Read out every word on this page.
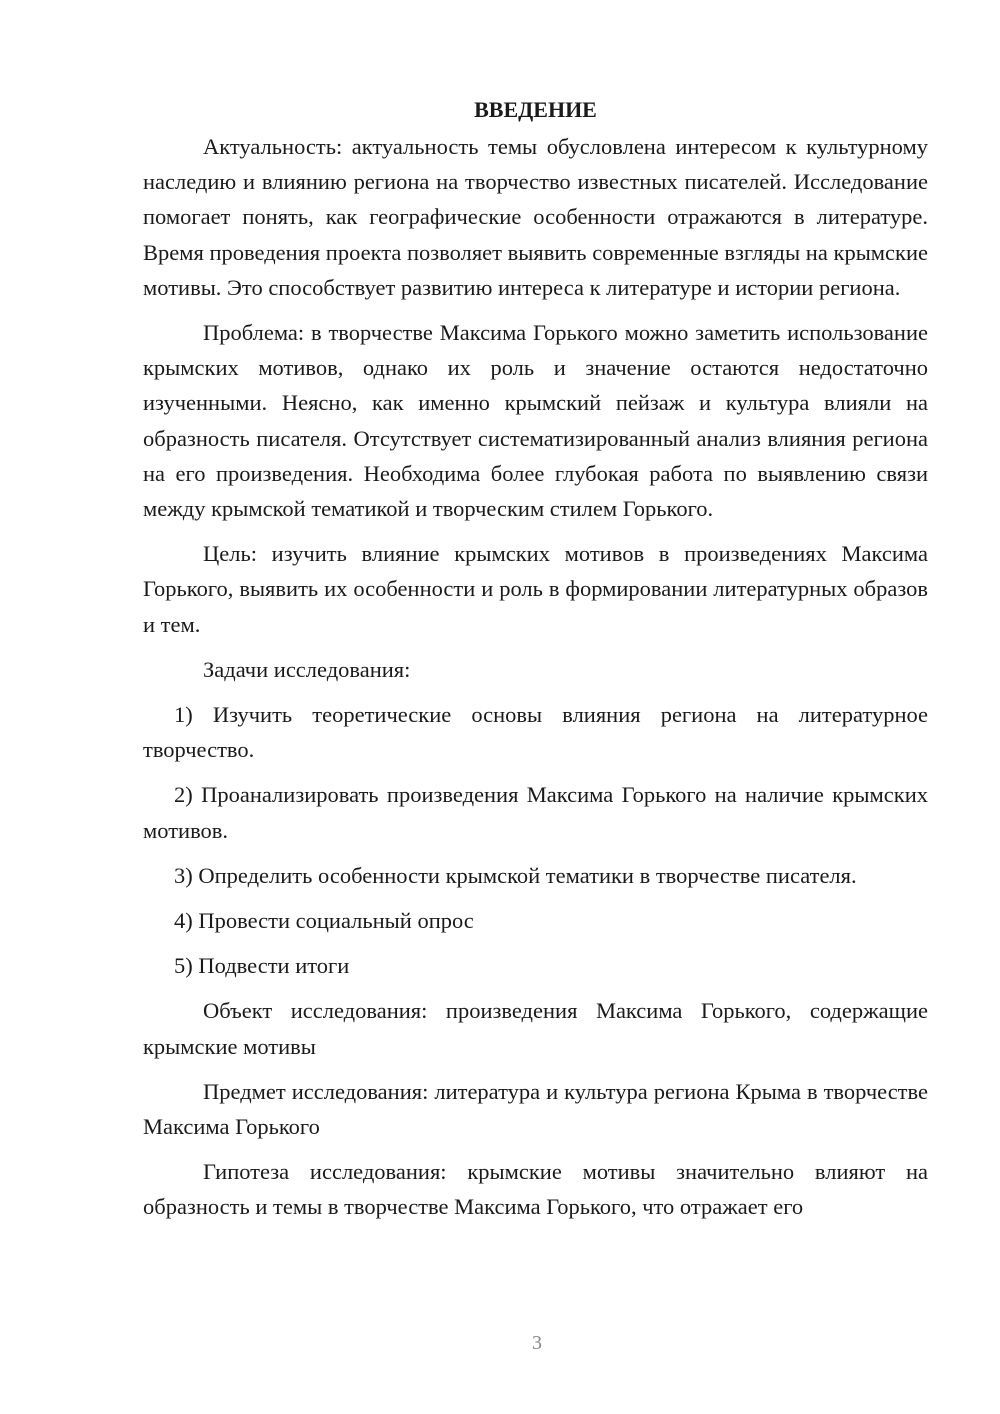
ВВЕДЕНИЕ

Актуальность: актуальность темы обусловлена интересом к культурному наследию и влиянию региона на творчество известных писателей. Исследование помогает понять, как географические особенности отражаются в литературе. Время проведения проекта позволяет выявить современные взгляды на крымские мотивы. Это способствует развитию интереса к литературе и истории региона.

Проблема: в творчестве Максима Горького можно заметить использование крымских мотивов, однако их роль и значение остаются недостаточно изученными. Неясно, как именно крымский пейзаж и культура влияли на образность писателя. Отсутствует систематизированный анализ влияния региона на его произведения. Необходима более глубокая работа по выявлению связи между крымской тематикой и творческим стилем Горького.

Цель: изучить влияние крымских мотивов в произведениях Максима Горького, выявить их особенности и роль в формировании литературных образов и тем.

Задачи исследования:

1) Изучить теоретические основы влияния региона на литературное творчество.

2) Проанализировать произведения Максима Горького на наличие крымских мотивов.

3) Определить особенности крымской тематики в творчестве писателя.

4) Провести социальный опрос

5) Подвести итоги

Объект исследования: произведения Максима Горького, содержащие крымские мотивы

Предмет исследования: литература и культура региона Крыма в творчестве Максима Горького

Гипотеза исследования: крымские мотивы значительно влияют на образность и темы в творчестве Максима Горького, что отражает его

3
